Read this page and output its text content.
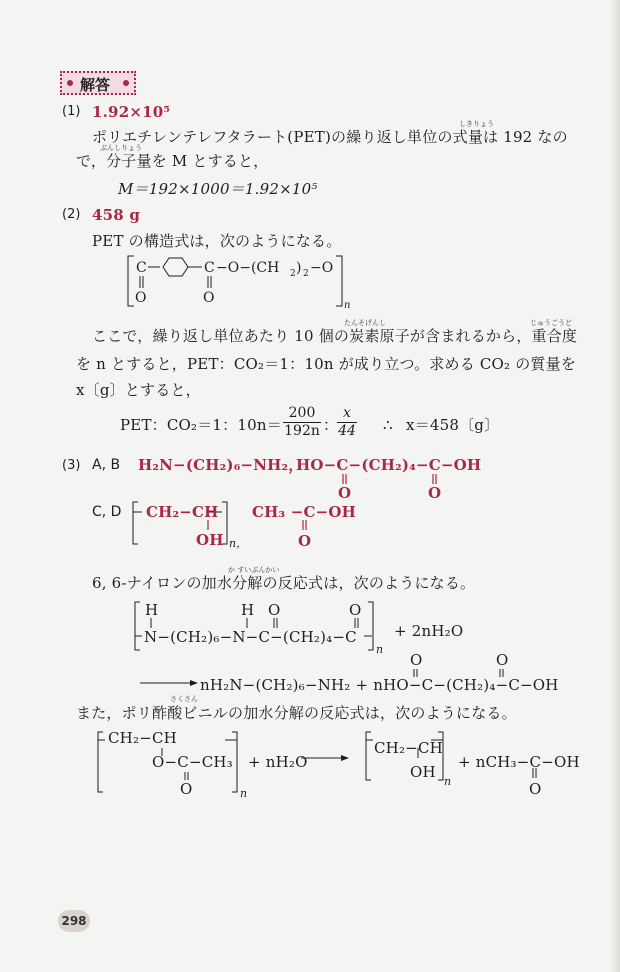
解答
(1) 1.92×10⁵
しきりょう
ポリエチレンテレフタラート(PET)の繰り返し単位の式量は 192 なの
ぶんしりょう
で，分子量を M とすると，
M＝192×1000＝1.92×10⁵
(2) 458 g
PET の構造式は，次のようになる。
C	C
O	O
−O−(CH 2 ) 2 −O
n
たんそげんし	じゅうごうど
ここで，繰り返し単位あたり 10 個の炭素原子が含まれるから，重合度
を n とすると，PET：CO₂＝1：10n が成り立つ。求める CO₂ の質量を
x〔g〕とすると，
PET：CO₂＝1：10n＝
200
192n ：
x
44 ∴ x＝458〔g〕
(3) A, B H₂N−(CH₂)₆−NH₂，
HO−C−(CH₂)₄−C−OH
O	O
C, D CH₂−CH
OH n，
CH₃ −C−OH
O
か すいぶんかい
6, 6-ナイロンの加水分解の反応式は，次のようになる。
H	H O	O
N−(CH₂)₆−N−C−(CH₂)₄−C
n
+ 2nH₂O
O	O
nH₂N−(CH₂)₆−NH₂ + nHO−C−(CH₂)₄−C−OH
さくさん
また，ポリ酢酸ビニルの加水分解の反応式は，次のようになる。
CH₂−CH
O−C−CH₃
O	n
+ nH₂O
CH₂−CH
OH
n
+ nCH₃−C−OH
O
298
